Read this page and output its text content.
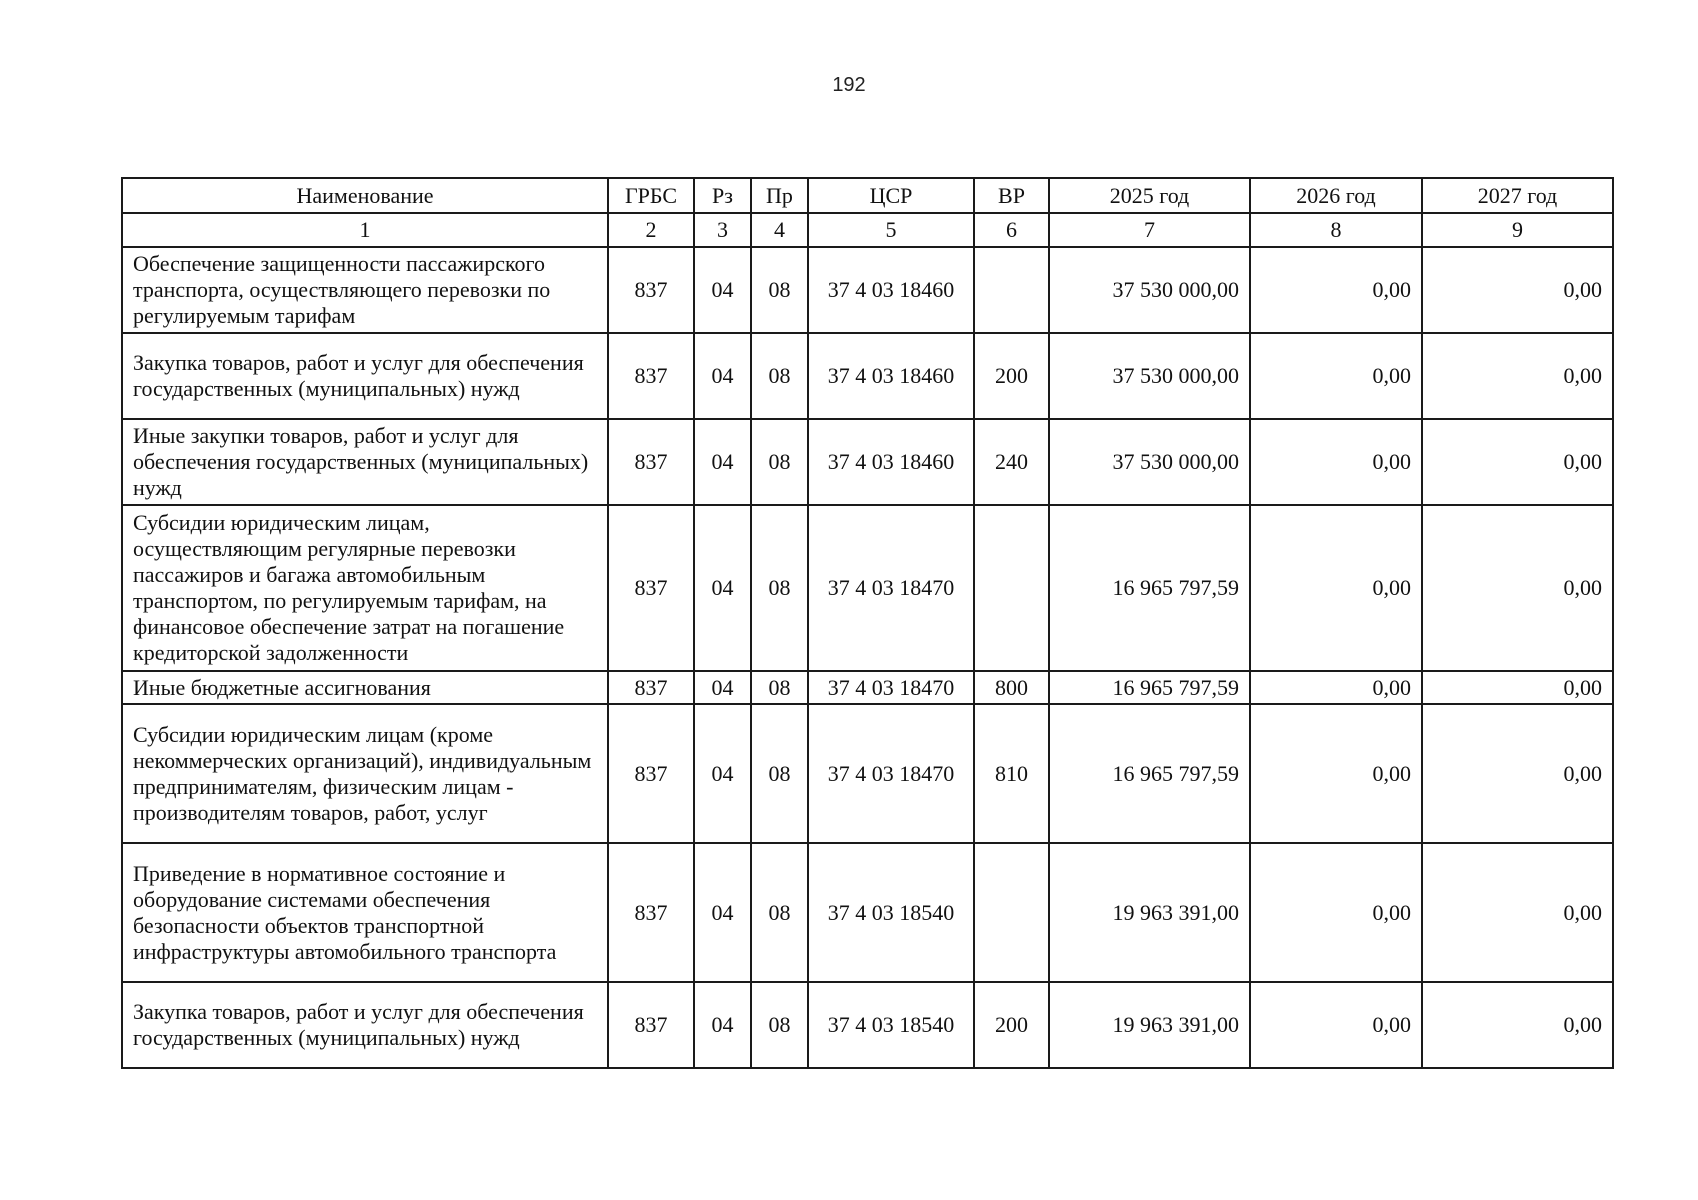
192
Наименование	ГРБС	Рз	Пр	ЦСР	ВР	2025 год	2026 год	2027 год
1	2	3	4	5	6	7	8	9
Обеспечение защищенности пассажирского транспорта, осуществляющего перевозки по регулируемым тарифам	837	04	08	37 4 03 18460		37 530 000,00	0,00	0,00
Закупка товаров, работ и услуг для обеспечения государственных (муниципальных) нужд	837	04	08	37 4 03 18460	200	37 530 000,00	0,00	0,00
Иные закупки товаров, работ и услуг для обеспечения государственных (муниципальных) нужд	837	04	08	37 4 03 18460	240	37 530 000,00	0,00	0,00
Субсидии юридическим лицам, осуществляющим регулярные перевозки пассажиров и багажа автомобильным транспортом, по регулируемым тарифам, на финансовое обеспечение затрат на погашение кредиторской задолженности	837	04	08	37 4 03 18470		16 965 797,59	0,00	0,00
Иные бюджетные ассигнования	837	04	08	37 4 03 18470	800	16 965 797,59	0,00	0,00
Субсидии юридическим лицам (кроме некоммерческих организаций), индивидуальным предпринимателям, физическим лицам - производителям товаров, работ, услуг	837	04	08	37 4 03 18470	810	16 965 797,59	0,00	0,00
Приведение в нормативное состояние и оборудование системами обеспечения безопасности объектов транспортной инфраструктуры автомобильного транспорта	837	04	08	37 4 03 18540		19 963 391,00	0,00	0,00
Закупка товаров, работ и услуг для обеспечения государственных (муниципальных) нужд	837	04	08	37 4 03 18540	200	19 963 391,00	0,00	0,00
